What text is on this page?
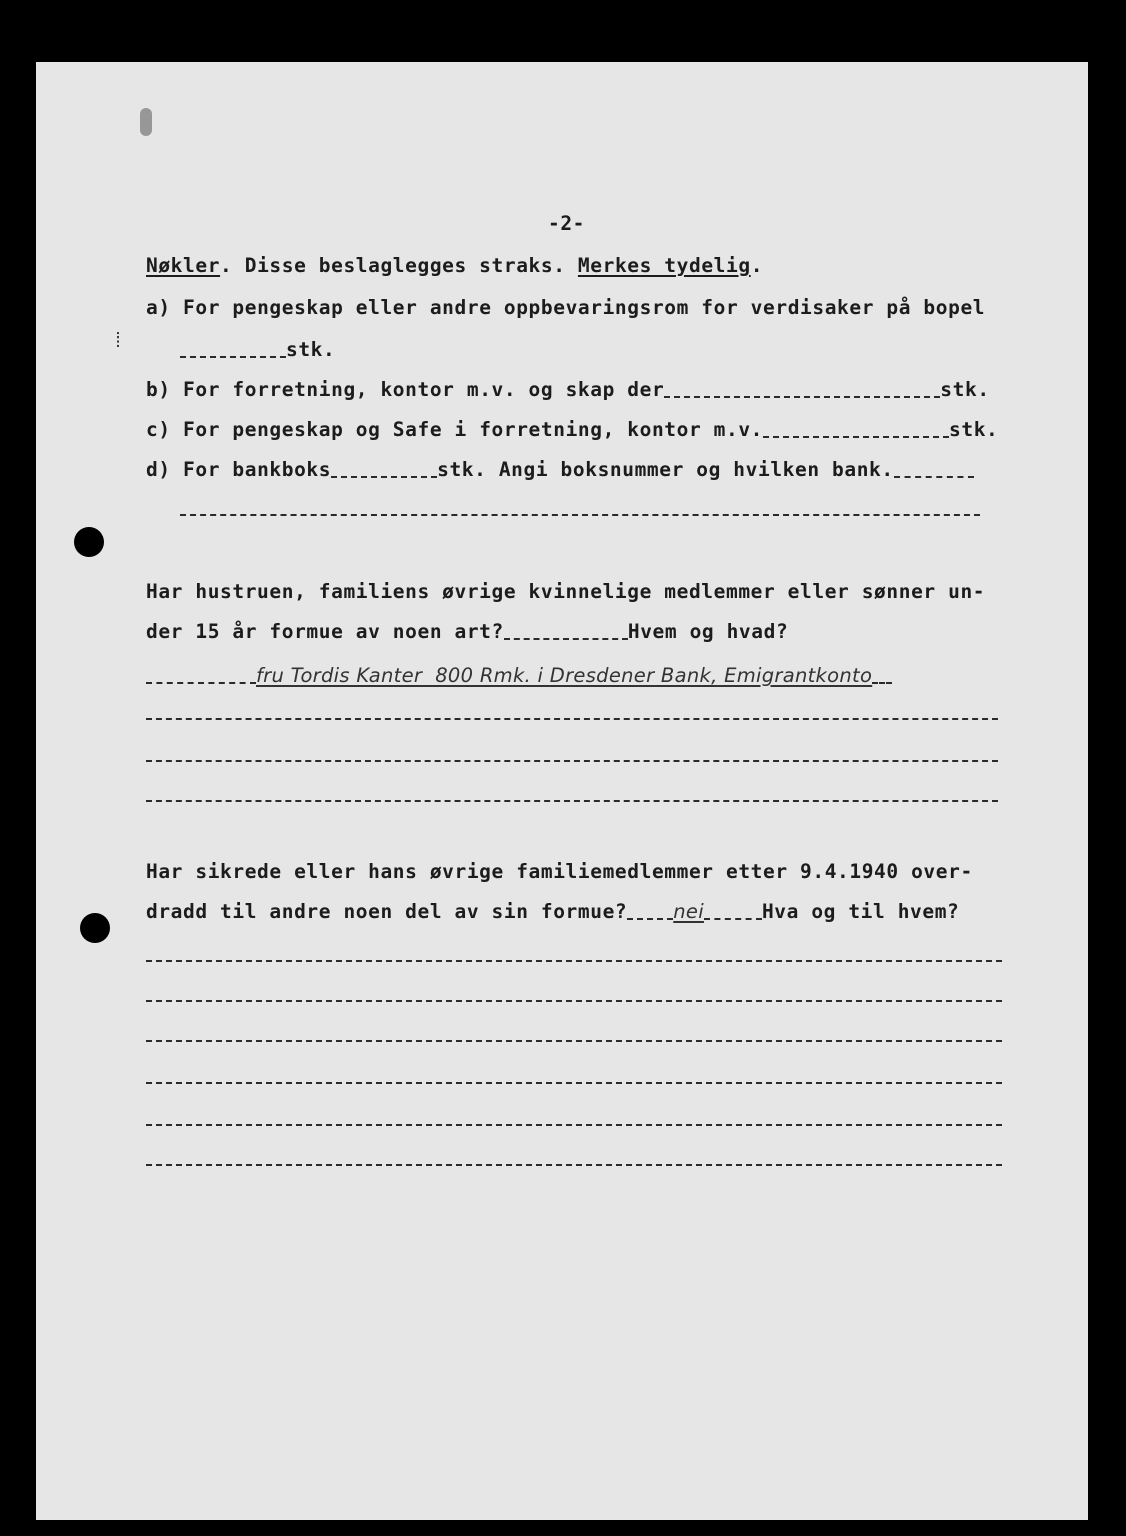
⁞
-2-
Nøkler. Disse beslaglegges straks. Merkes tydelig.
a) For pengeskap eller andre oppbevaringsrom for verdisaker på bopel
stk.
b) For forretning, kontor m.v. og skap der	stk.
c) For pengeskap og Safe i forretning, kontor m.v.	stk.
d) For bankboks	stk. Angi boksnummer og hvilken bank.
Har hustruen, familiens øvrige kvinnelige medlemmer eller sønner un-
der 15 år formue av noen art?	Hvem og hvad?
fru Tordis Kanter  800 Rmk. i Dresdener Bank, Emigrantkonto
Har sikrede eller hans øvrige familiemedlemmer etter 9.4.1940 over-
dradd til andre noen del av sin formue? nei	Hva og til hvem?
